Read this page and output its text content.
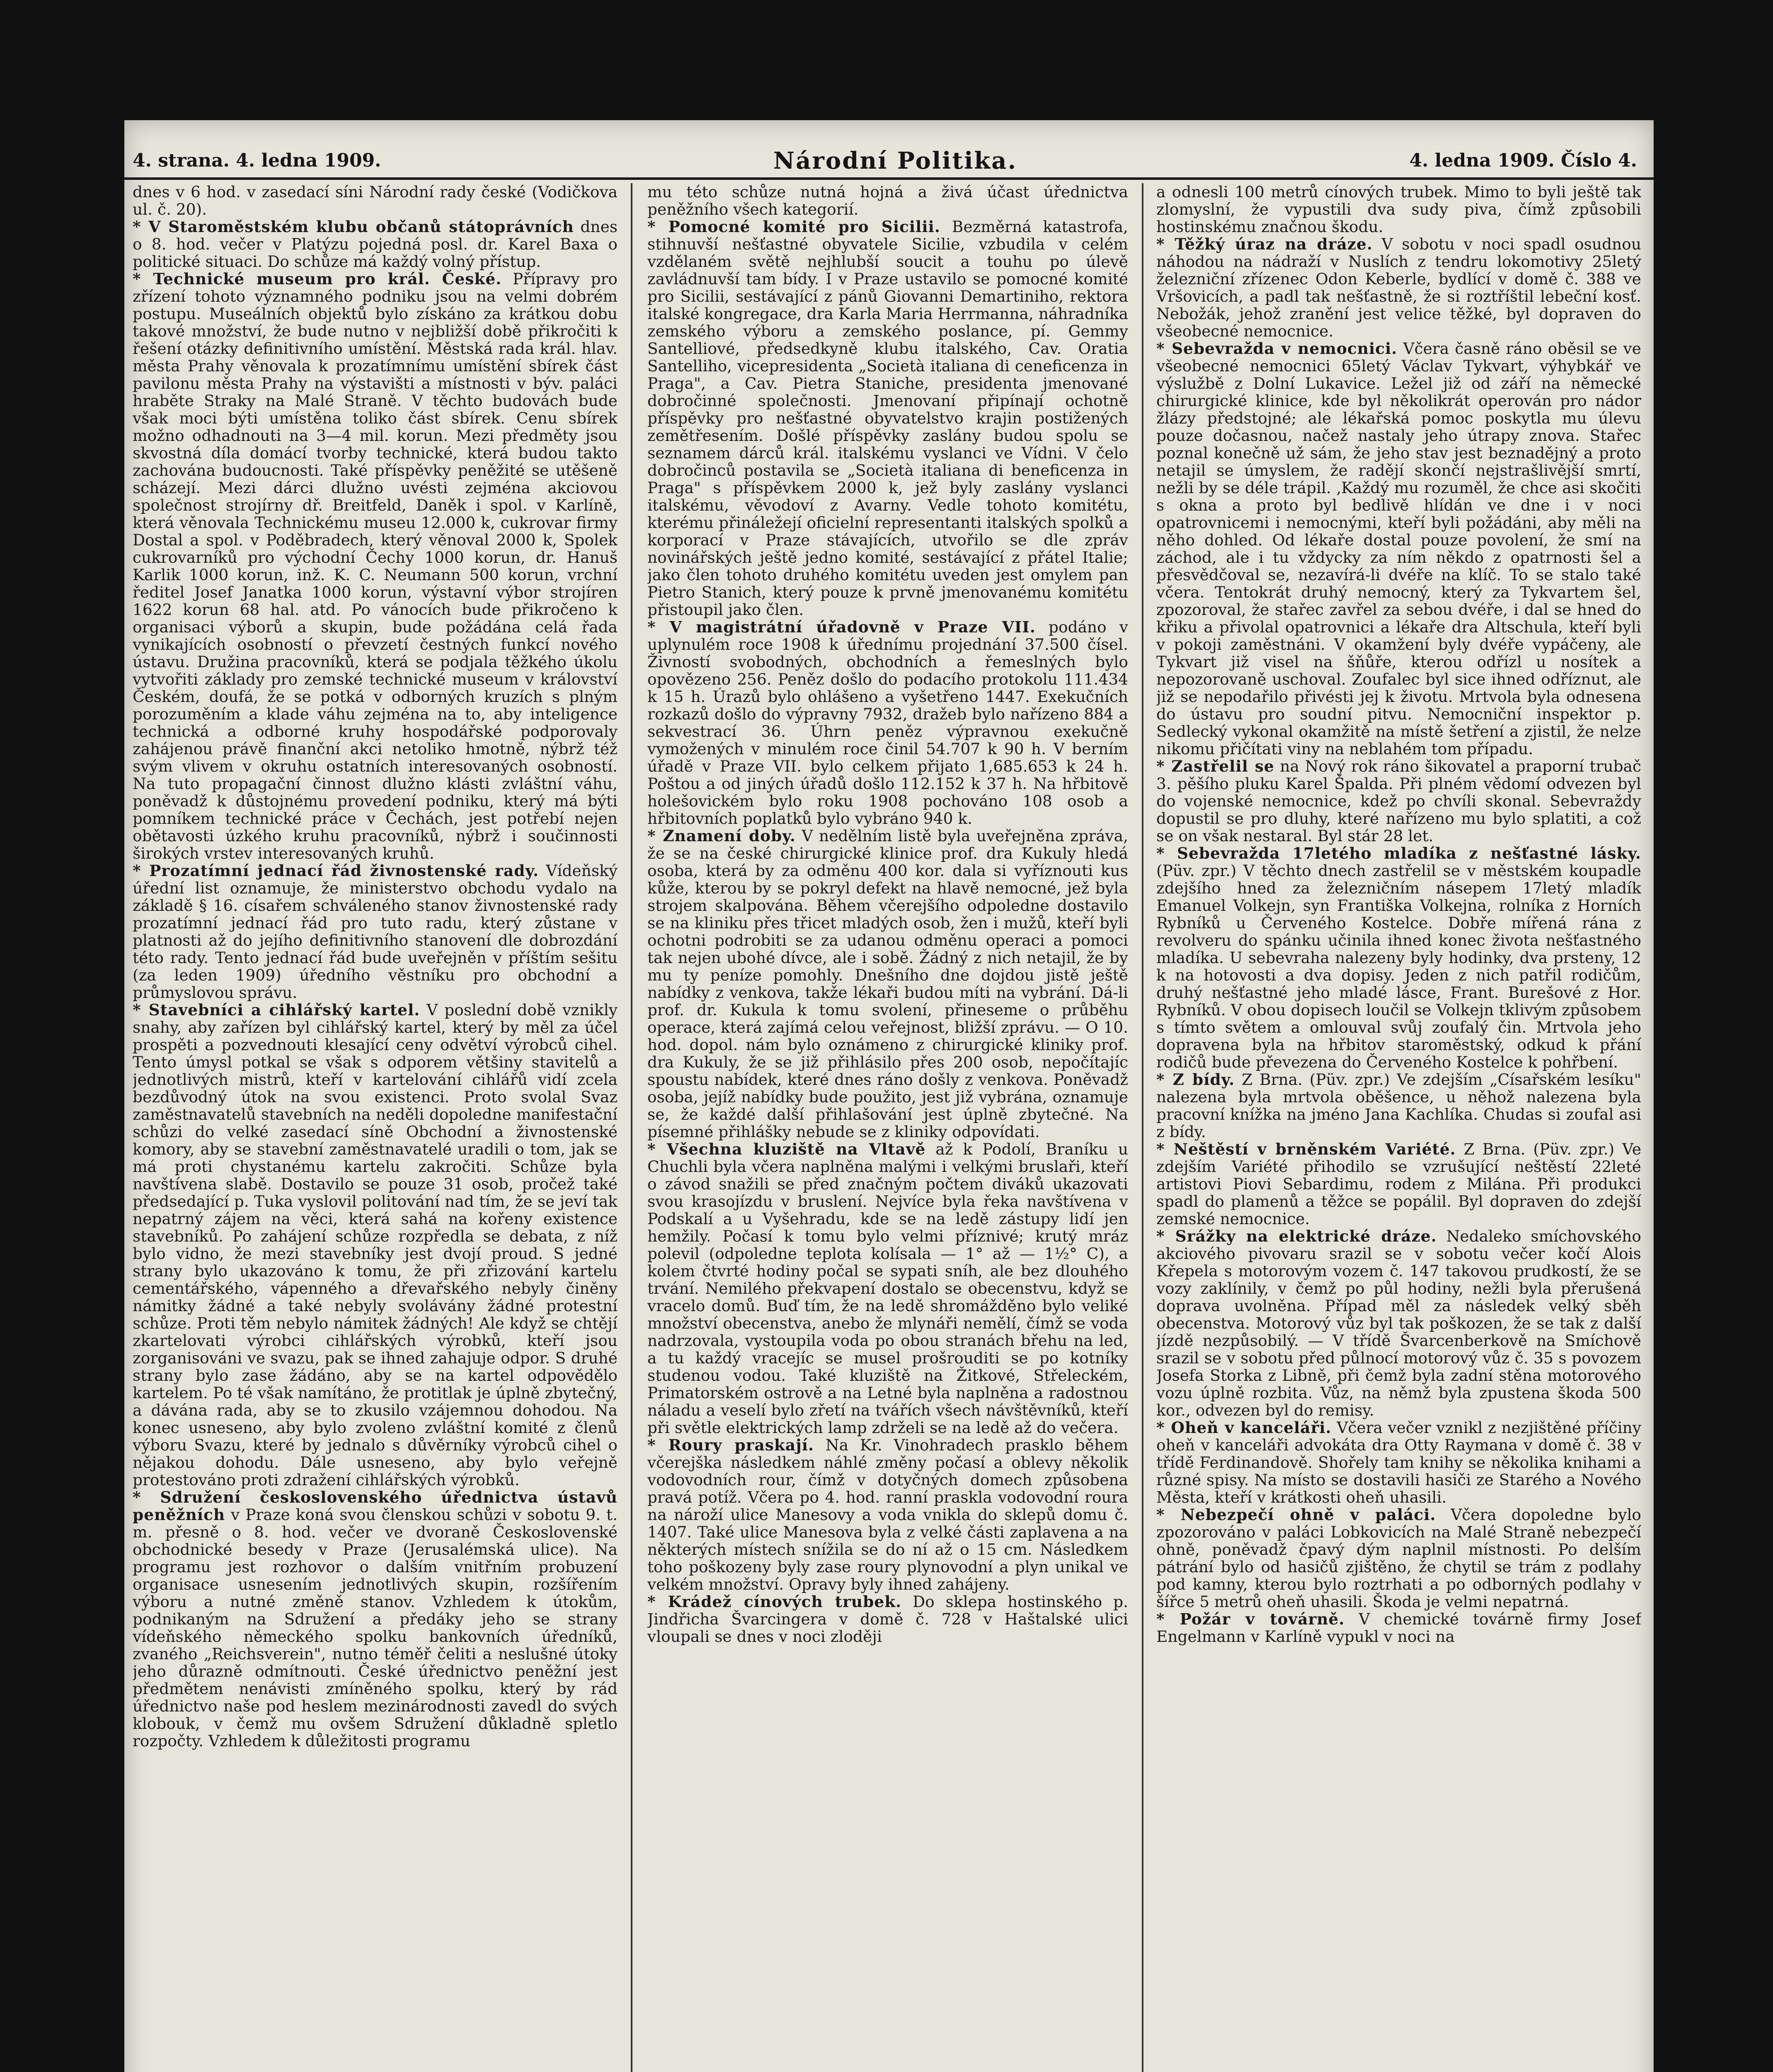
4. strana. 4. ledna 1909.	Národní Politika.	4. ledna 1909. Číslo 4.

dnes v 6 hod. v zasedací síni Národní rady české (Vodičkova ul. č. 20).

* V Staroměstském klubu občanů státoprávních dnes o 8. hod. večer v Platýzu pojedná posl. dr. Karel Baxa o politické situaci. Do schůze má každý volný přístup.

* Technické museum pro král. České. Přípravy pro zřízení tohoto významného podniku jsou na velmi dobrém postupu. Museálních objektů bylo získáno za krátkou dobu takové množství, že bude nutno v nejbližší době přikročiti k řešení otázky definitivního umístění. Městská rada král. hlav. města Prahy věnovala k prozatímnímu umístění sbírek část pavilonu města Prahy na výstavišti a místnosti v býv. paláci hraběte Straky na Malé Straně. V těchto budovách bude však moci býti umístěna toliko část sbírek. Cenu sbírek možno odhadnouti na 3—4 mil. korun. Mezi předměty jsou skvostná díla domácí tvorby technické, která budou takto zachována budoucnosti. Také příspěvky peněžité se utěšeně scházejí. Mezi dárci dlužno uvésti zejména akciovou společnost strojírny dř. Breitfeld, Daněk i spol. v Karlíně, která věnovala Technickému museu 12.000 k, cukrovar firmy Dostal a spol. v Poděbradech, který věnoval 2000 k, Spolek cukrovarníků pro východní Čechy 1000 korun, dr. Hanuš Karlik 1000 korun, inž. K. C. Neumann 500 korun, vrchní ředitel Josef Janatka 1000 korun, výstavní výbor strojíren 1622 korun 68 hal. atd. Po vánocích bude přikročeno k organisaci výborů a skupin, bude požádána celá řada vynikajících osobností o převzetí čestných funkcí nového ústavu. Družina pracovníků, která se podjala těžkého úkolu vytvořiti základy pro zemské technické museum v království Českém, doufá, že se potká v odborných kruzích s plným porozuměním a klade váhu zejména na to, aby inteligence technická a odborné kruhy hospodářské podporovaly zahájenou právě finanční akci netoliko hmotně, nýbrž též svým vlivem v okruhu ostatních interesovaných osobností. Na tuto propagační činnost dlužno klásti zvláštní váhu, poněvadž k důstojnému provedení podniku, který má býti pomníkem technické práce v Čechách, jest potřebí nejen obětavosti úzkého kruhu pracovníků, nýbrž i součinnosti širokých vrstev interesovaných kruhů.

* Prozatímní jednací řád živnostenské rady. Vídeňský úřední list oznamuje, že ministerstvo obchodu vydalo na základě § 16. císařem schváleného stanov živnostenské rady prozatímní jednací řád pro tuto radu, který zůstane v platnosti až do jejího definitivního stanovení dle dobrozdání této rady. Tento jednací řád bude uveřejněn v příštím sešitu (za leden 1909) úředního věstníku pro obchodní a průmyslovou správu.

* Stavebníci a cihlářský kartel. V poslední době vznikly snahy, aby zařízen byl cihlářský kartel, který by měl za účel prospěti a pozvednouti klesající ceny odvětví výrobců cihel. Tento úmysl potkal se však s odporem většiny stavitelů a jednotlivých mistrů, kteří v kartelování cihlářů vidí zcela bezdůvodný útok na svou existenci. Proto svolal Svaz zaměstnavatelů stavebních na neděli dopoledne manifestační schůzi do velké zasedací síně Obchodní a živnostenské komory, aby se stavební zaměstnavatelé uradili o tom, jak se má proti chystanému kartelu zakročiti. Schůze byla navštívena slabě. Dostavilo se pouze 31 osob, pročež také předsedající p. Tuka vyslovil politování nad tím, že se jeví tak nepatrný zájem na věci, která sahá na kořeny existence stavebníků. Po zahájení schůze rozpředla se debata, z níž bylo vidno, že mezi stavebníky jest dvojí proud. S jedné strany bylo ukazováno k tomu, že při zřizování kartelu cementářského, vápenného a dřevařského nebyly činěny námitky žádné a také nebyly svolávány žádné protestní schůze. Proti těm nebylo námitek žádných! Ale když se chtějí zkartelovati výrobci cihlářských výrobků, kteří jsou zorganisováni ve svazu, pak se ihned zahajuje odpor. S druhé strany bylo zase žádáno, aby se na kartel odpovědělo kartelem. Po té však namítáno, že protitlak je úplně zbytečný, a dávána rada, aby se to zkusilo vzájemnou dohodou. Na konec usneseno, aby bylo zvoleno zvláštní komité z členů výboru Svazu, které by jednalo s důvěrníky výrobců cihel o nějakou dohodu. Dále usneseno, aby bylo veřejně protestováno proti zdražení cihlářských výrobků.

* Sdružení československého úřednictva ústavů peněžních v Praze koná svou členskou schůzi v sobotu 9. t. m. přesně o 8. hod. večer ve dvoraně Československé obchodnické besedy v Praze (Jerusalémská ulice). Na programu jest rozhovor o dalším vnitřním probuzení organisace usnesením jednotlivých skupin, rozšířením výboru a nutné změně stanov. Vzhledem k útokům, podnikaným na Sdružení a předáky jeho se strany vídeňského německého spolku bankovních úředníků, zvaného „Reichsverein", nutno téměř čeliti a neslušné útoky jeho důrazně odmítnouti. České úřednictvo peněžní jest předmětem nenávisti zmíněného spolku, který by rád úřednictvo naše pod heslem mezinárodnosti zavedl do svých klobouk, v čemž mu ovšem Sdružení důkladně spletlo rozpočty. Vzhledem k důležitosti programu

mu této schůze nutná hojná a živá účast úřednictva peněžního všech kategorií.

* Pomocné komité pro Sicilii. Bezměrná katastrofa, stihnuvší nešťastné obyvatele Sicilie, vzbudila v celém vzdělaném světě nejhlubší soucit a touhu po úlevě zavládnuvší tam bídy. I v Praze ustavilo se pomocné komité pro Sicilii, sestávající z pánů Giovanni Demartiniho, rektora italské kongregace, dra Karla Maria Herrmanna, náhradníka zemského výboru a zemského poslance, pí. Gemmy Santelliové, předsedkyně klubu italského, Cav. Oratia Santelliho, vicepresidenta „Società italiana di ceneficenza in Praga", a Cav. Pietra Staniche, presidenta jmenované dobročinné společnosti. Jmenovaní připínají ochotně příspěvky pro nešťastné obyvatelstvo krajin postižených zemětřesením. Došlé příspěvky zaslány budou spolu se seznamem dárců král. italskému vyslanci ve Vídni. V čelo dobročinců postavila se „Società italiana di beneficenza in Praga" s příspěvkem 2000 k, jež byly zaslány vyslanci italskému, věvodoví z Avarny. Vedle tohoto komitétu, kterému přináležejí oficielní representanti italských spolků a korporací v Praze stávajících, utvořilo se dle zpráv novinářských ještě jedno komité, sestávající z přátel Italie; jako člen tohoto druhého komitétu uveden jest omylem pan Pietro Stanich, který pouze k prvně jmenovanému komitétu přistoupil jako člen.

* V magistrátní úřadovně v Praze VII. podáno v uplynulém roce 1908 k úřednímu projednání 37.500 čísel. Živností svobodných, obchodních a řemeslných bylo opovězeno 256. Peněz došlo do podacího protokolu 111.434 k 15 h. Úrazů bylo ohlášeno a vyšetřeno 1447. Exekučních rozkazů došlo do výpravny 7932, dražeb bylo nařízeno 884 a sekvestrací 36. Úhrn peněz výpravnou exekučně vymožených v minulém roce činil 54.707 k 90 h. V berním úřadě v Praze VII. bylo celkem přijato 1,685.653 k 24 h. Poštou a od jiných úřadů došlo 112.152 k 37 h. Na hřbitově holešovickém bylo roku 1908 pochováno 108 osob a hřbitovních poplatků bylo vybráno 940 k.

* Znamení doby. V nedělním listě byla uveřejněna zpráva, že se na české chirurgické klinice prof. dra Kukuly hledá osoba, která by za odměnu 400 kor. dala si vyříznouti kus kůže, kterou by se pokryl defekt na hlavě nemocné, jež byla strojem skalpována. Během včerejšího odpoledne dostavilo se na kliniku přes třicet mladých osob, žen i mužů, kteří byli ochotni podrobiti se za udanou odměnu operaci a pomoci tak nejen ubohé dívce, ale i sobě. Žádný z nich netajil, že by mu ty peníze pomohly. Dnešního dne dojdou jistě ještě nabídky z venkova, takže lékaři budou míti na vybrání. Dá-li prof. dr. Kukula k tomu svolení, přineseme o průběhu operace, která zajímá celou veřejnost, bližší zprávu. — O 10. hod. dopol. nám bylo oznámeno z chirurgické kliniky prof. dra Kukuly, že se již přihlásilo přes 200 osob, nepočítajíc spoustu nabídek, které dnes ráno došly z venkova. Poněvadž osoba, jejíž nabídky bude použito, jest již vybrána, oznamuje se, že každé další přihlašování jest úplně zbytečné. Na písemné přihlášky nebude se z kliniky odpovídati.

* Všechna kluziště na Vltavě až k Podolí, Braníku u Chuchli byla včera naplněna malými i velkými bruslaři, kteří o závod snažili se před značným počtem diváků ukazovati svou krasojízdu v bruslení. Nejvíce byla řeka navštívena v Podskalí a u Vyšehradu, kde se na ledě zástupy lidí jen hemžily. Počasí k tomu bylo velmi příznivé; krutý mráz polevil (odpoledne teplota kolísala — 1° až — 1½° C), a kolem čtvrté hodiny počal se sypati sníh, ale bez dlouhého trvání. Nemilého překvapení dostalo se obecenstvu, když se vracelo domů. Buď tím, že na ledě shromážděno bylo veliké množství obecenstva, anebo že mlynáři nemělí, čímž se voda nadrzovala, vystoupila voda po obou stranách břehu na led, a tu každý vracejíc se musel prošrouditi se po kotníky studenou vodou. Také kluziště na Žitkové, Střeleckém, Primatorském ostrově a na Letné byla naplněna a radostnou náladu a veselí bylo zřetí na tvářích všech návštěvníků, kteří při světle elektrických lamp zdrželi se na ledě až do večera.

* Roury praskají. Na Kr. Vinohradech prasklo během včerejška následkem náhlé změny počasí a oblevy několik vodovodních rour, čímž v dotyčných domech způsobena pravá potíž. Včera po 4. hod. ranní praskla vodovodní roura na nároží ulice Manesovy a voda vnikla do sklepů domu č. 1407. Také ulice Manesova byla z velké části zaplavena a na některých místech snížila se do ní až o 15 cm. Následkem toho poškozeny byly zase roury plynovodní a plyn unikal ve velkém množství. Opravy byly ihned zahájeny.

* Krádež cínových trubek. Do sklepa hostinského p. Jindřicha Švarcingera v domě č. 728 v Haštalské ulici vloupali se dnes v noci zloději

a odnesli 100 metrů cínových trubek. Mimo to byli ještě tak zlomyslní, že vypustili dva sudy piva, čímž způsobili hostinskému značnou škodu.

* Těžký úraz na dráze. V sobotu v noci spadl osudnou náhodou na nádraží v Nuslích z tendru lokomotivy 25letý železniční zřízenec Odon Keberle, bydlící v domě č. 388 ve Vršovicích, a padl tak nešťastně, že si roztříštil lebeční kosť. Nebožák, jehož zranění jest velice těžké, byl dopraven do všeobecné nemocnice.

* Sebevražda v nemocnici. Včera časně ráno oběsil se ve všeobecné nemocnici 65letý Václav Tykvart, výhybkář ve výslužbě z Dolní Lukavice. Ležel již od září na německé chirurgické klinice, kde byl několikrát operován pro nádor žlázy předstojné; ale lékařská pomoc poskytla mu úlevu pouze dočasnou, načež nastaly jeho útrapy znova. Stařec poznal konečně už sám, že jeho stav jest beznadějný a proto netajil se úmyslem, že radějí skončí nejstrašlivější smrtí, nežli by se déle trápil. ‚Každý mu rozuměl, že chce asi skočiti s okna a proto byl bedlivě hlídán ve dne i v noci opatrovnicemi i nemocnými, kteří byli požádáni, aby měli na něho dohled. Od lékaře dostal pouze povolení, že smí na záchod, ale i tu vždycky za ním někdo z opatrnosti šel a přesvědčoval se, nezavírá-li dvéře na klíč. To se stalo také včera. Tentokrát druhý nemocný, který za Tykvartem šel, zpozoroval, že stařec zavřel za sebou dvéře, i dal se hned do křiku a přivolal opatrovnici a lékaře dra Altschula, kteří byli v pokoji zaměstnáni. V okamžení byly dvéře vypáčeny, ale Tykvart již visel na šňůře, kterou odřízl u nosítek a nepozorovaně uschoval. Zoufalec byl sice ihned odříznut, ale již se nepodařilo přivésti jej k životu. Mrtvola byla odnesena do ústavu pro soudní pitvu. Nemocniční inspektor p. Sedlecký vykonal okamžitě na místě šetření a zjistil, že nelze nikomu přičítati viny na neblahém tom případu.

* Zastřelil se na Nový rok ráno šikovatel a praporní trubač 3. pěšího pluku Karel Špalda. Při plném vědomí odvezen byl do vojenské nemocnice, kdež po chvíli skonal. Sebevraždy dopustil se pro dluhy, které nařízeno mu bylo splatiti, a což se on však nestaral. Byl stár 28 let.

* Sebevražda 17letého mladíka z nešťastné lásky. (Püv. zpr.) V těchto dnech zastřelil se v městském koupadle zdejšího hned za železničním násepem 17letý mladík Emanuel Volkejn, syn Františka Volkejna, rolníka z Horních Rybníků u Červeného Kostelce. Dobře mířená rána z revolveru do spánku učinila ihned konec života nešťastného mladíka. U sebevraha nalezeny byly hodinky, dva prsteny, 12 k na hotovosti a dva dopisy. Jeden z nich patřil rodičům, druhý nešťastné jeho mladé lásce, Frant. Burešové z Hor. Rybníků. V obou dopisech loučil se Volkejn tklivým způsobem s tímto světem a omlouval svůj zoufalý čin. Mrtvola jeho dopravena byla na hřbitov staroměstský, odkud k přání rodičů bude převezena do Červeného Kostelce k pohřbení.

* Z bídy. Z Brna. (Püv. zpr.) Ve zdejším „Císařském lesíku" nalezena byla mrtvola oběšence, u něhož nalezena byla pracovní knížka na jméno Jana Kachlíka. Chudas si zoufal asi z bídy.

* Neštěstí v brněnském Variété. Z Brna. (Püv. zpr.) Ve zdejším Variété přihodilo se vzrušující neštěstí 22leté artistovi Piovi Sebardimu, rodem z Milána. Při produkci spadl do plamenů a těžce se popálil. Byl dopraven do zdejší zemské nemocnice.

* Srážky na elektrické dráze. Nedaleko smíchovského akciového pivovaru srazil se v sobotu večer kočí Alois Křepela s motorovým vozem č. 147 takovou prudkostí, že se vozy zaklínily, v čemž po půl hodiny, nežli byla přerušená doprava uvolněna. Případ měl za následek velký sběh obecenstva. Motorový vůz byl tak poškozen, že se tak z další jízdě nezpůsobilý. — V třídě Švarcenberkově na Smíchově srazil se v sobotu před půlnocí motorový vůz č. 35 s povozem Josefa Storka z Libně, při čemž byla zadní stěna motorového vozu úplně rozbita. Vůz, na němž byla zpustena škoda 500 kor., odvezen byl do remisy.

* Oheň v kanceláři. Včera večer vznikl z nezjištěné příčiny oheň v kanceláři advokáta dra Otty Raymana v domě č. 38 v třídě Ferdinandově. Shořely tam knihy se několika knihami a různé spisy. Na místo se dostavili hasiči ze Starého a Nového Města, kteří v krátkosti oheň uhasili.

* Nebezpečí ohně v paláci. Včera dopoledne bylo zpozorováno v paláci Lobkovicích na Malé Straně nebezpečí ohně, poněvadž čpavý dým naplnil místnosti. Po delším pátrání bylo od hasičů zjištěno, že chytil se trám z podlahy pod kamny, kterou bylo roztrhati a po odborných podlahy v šířce 5 metrů oheň uhasili. Škoda je velmi nepatrná.

* Požár v továrně. V chemické továrně firmy Josef Engelmann v Karlíně vypukl v noci na
